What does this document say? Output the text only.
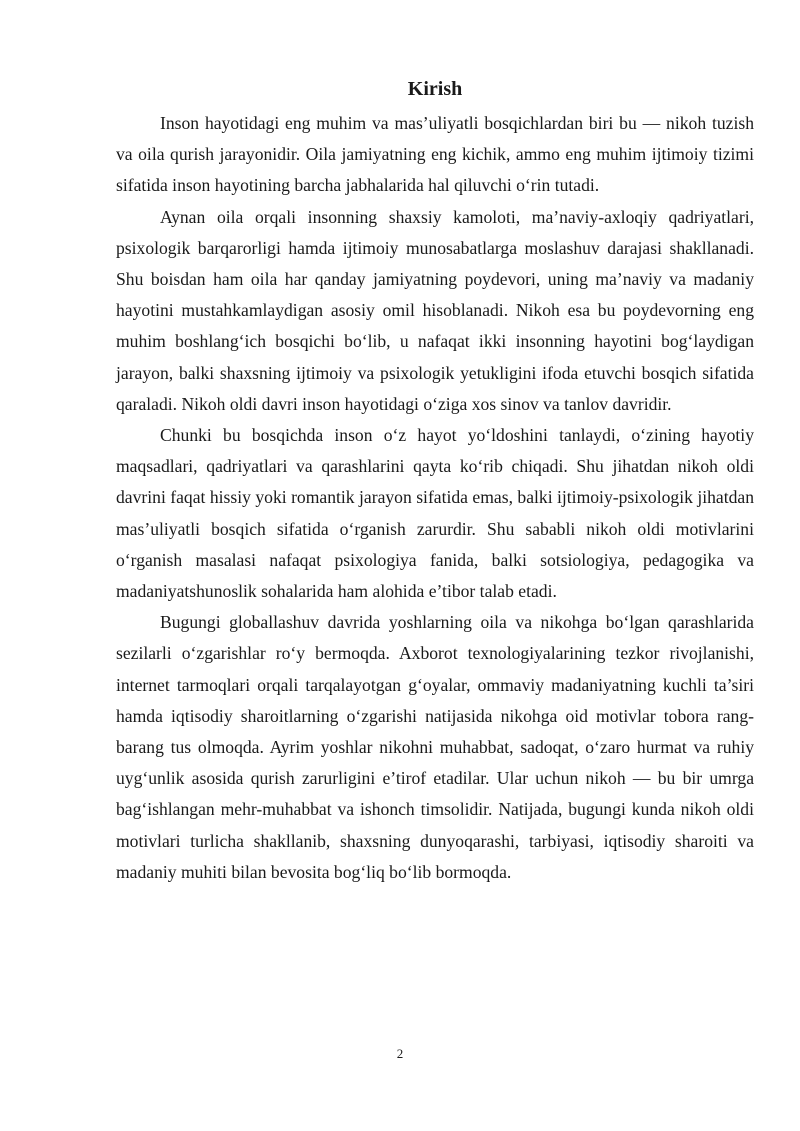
Kirish

Inson hayotidagi eng muhim va mas’uliyatli bosqichlardan biri bu — nikoh tuzish va oila qurish jarayonidir. Oila jamiyatning eng kichik, ammo eng muhim ijtimoiy tizimi sifatida inson hayotining barcha jabhalarida hal qiluvchi o‘rin tutadi.

Aynan oila orqali insonning shaxsiy kamoloti, ma’naviy-axloqiy qadriyatlari, psixologik barqarorligi hamda ijtimoiy munosabatlarga moslashuv darajasi shakllanadi. Shu boisdan ham oila har qanday jamiyatning poydevori, uning ma’naviy va madaniy hayotini mustahkamlaydigan asosiy omil hisoblanadi. Nikoh esa bu poydevorning eng muhim boshlang‘ich bosqichi bo‘lib, u nafaqat ikki insonning hayotini bog‘laydigan jarayon, balki shaxsning ijtimoiy va psixologik yetukligini ifoda etuvchi bosqich sifatida qaraladi. Nikoh oldi davri inson hayotidagi o‘ziga xos sinov va tanlov davridir.

Chunki bu bosqichda inson o‘z hayot yo‘ldoshini tanlaydi, o‘zining hayotiy maqsadlari, qadriyatlari va qarashlarini qayta ko‘rib chiqadi. Shu jihatdan nikoh oldi davrini faqat hissiy yoki romantik jarayon sifatida emas, balki ijtimoiy-psixologik jihatdan mas’uliyatli bosqich sifatida o‘rganish zarurdir. Shu sababli nikoh oldi motivlarini o‘rganish masalasi nafaqat psixologiya fanida, balki sotsiologiya, pedagogika va madaniyatshunoslik sohalarida ham alohida e’tibor talab etadi.

Bugungi globallashuv davrida yoshlarning oila va nikohga bo‘lgan qarashlarida sezilarli o‘zgarishlar ro‘y bermoqda. Axborot texnologiyalarining tezkor rivojlanishi, internet tarmoqlari orqali tarqalayotgan g‘oyalar, ommaviy madaniyatning kuchli ta’siri hamda iqtisodiy sharoitlarning o‘zgarishi natijasida nikohga oid motivlar tobora rang-barang tus olmoqda. Ayrim yoshlar nikohni muhabbat, sadoqat, o‘zaro hurmat va ruhiy uyg‘unlik asosida qurish zarurligini e’tirof etadilar. Ular uchun nikoh — bu bir umrga bag‘ishlangan mehr-muhabbat va ishonch timsolidir. Natijada, bugungi kunda nikoh oldi motivlari turlicha shakllanib, shaxsning dunyoqarashi, tarbiyasi, iqtisodiy sharoiti va madaniy muhiti bilan bevosita bog‘liq bo‘lib bormoqda.

2
